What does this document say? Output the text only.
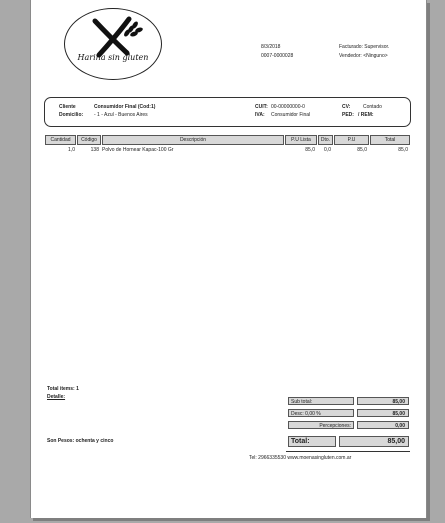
Harina sin gluten
8/3/2018
0007-0000028
Facturado: Supervisor.
Vendedor: <Ninguno>
Cliente	Consumidor Final (Cod:1)
Domicilio: - 1 - Azul - Buenos Aires
CUIT: 00-00000000-0
IVA: Consumidor Final
CV:	Contado
PED: / REM:
Cantidad	Código	Descripción	P.U Lista	Dto.	P.U	Total
1,0	138 Polvo de Hornear Kapac-100 Gr	85,0	0,0	85,0	85,0
Total items: 1
Detalle:
Sub total:	85,00
Desc: 0,00 %	85,00
Percepciones:	0,00
Total:	85,00
Son Pesos: ochenta y cinco
Tel: 2966335530 www.moenasingluten.com.ar
